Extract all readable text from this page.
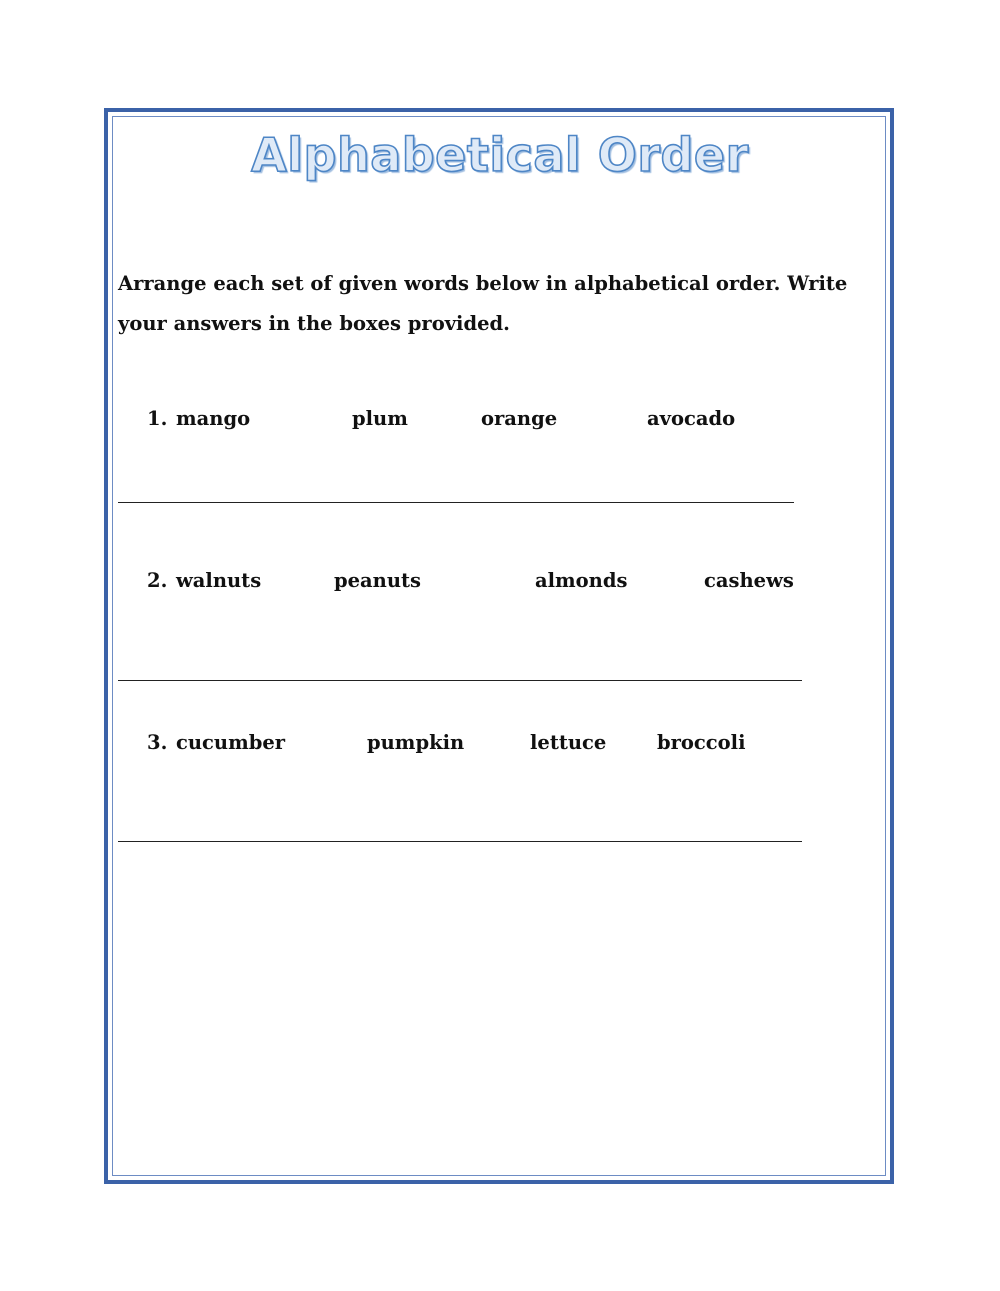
Alphabetical Order
Arrange each set of given words below in alphabetical order. Write your answers in the boxes provided.
1. mango	plum	orange	avocado
2. walnuts	peanuts	almonds	cashews
3. cucumber	pumpkin	lettuce	broccoli
